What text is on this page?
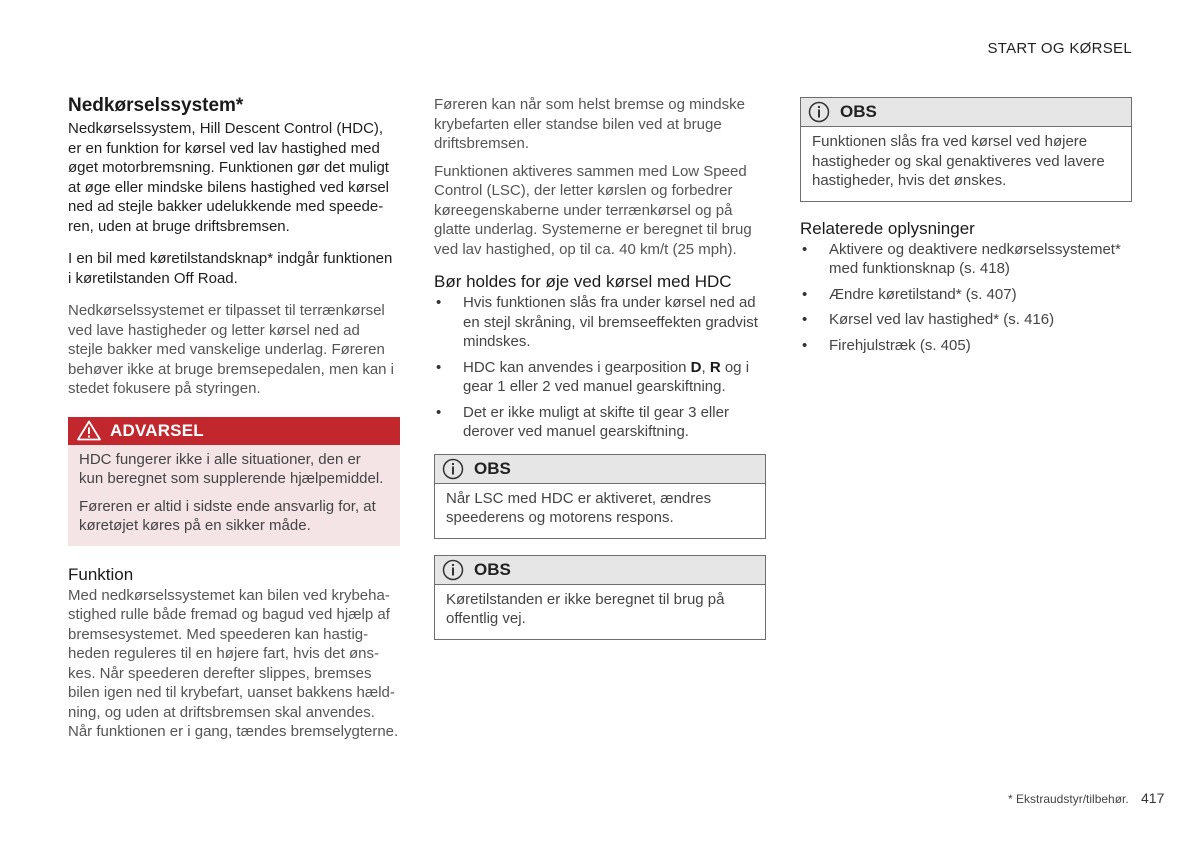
START OG KØRSEL
Nedkørselssystem*

Nedkørselssystem, Hill Descent Control (HDC),
er en funktion for kørsel ved lav hastighed med
øget motorbremsning. Funktionen gør det muligt
at øge eller mindske bilens hastighed ved kørsel
ned ad stejle bakker udelukkende med speede-
ren, uden at bruge driftsbremsen.

I en bil med køretilstandsknap* indgår funktionen
i køretilstanden Off Road.

Nedkørselssystemet er tilpasset til terrænkørsel
ved lave hastigheder og letter kørsel ned ad
stejle bakker med vanskelige underlag. Føreren
behøver ikke at bruge bremsepedalen, men kan i
stedet fokusere på styringen.

ADVARSEL

HDC fungerer ikke i alle situationer, den er
kun beregnet som supplerende hjælpemiddel.

Føreren er altid i sidste ende ansvarlig for, at
køretøjet køres på en sikker måde.

Funktion

Med nedkørselssystemet kan bilen ved krybeha-
stighed rulle både fremad og bagud ved hjælp af
bremsesystemet. Med speederen kan hastig-
heden reguleres til en højere fart, hvis det øns-
kes. Når speederen derefter slippes, bremses
bilen igen ned til krybefart, uanset bakkens hæld-
ning, og uden at driftsbremsen skal anvendes.
Når funktionen er i gang, tændes bremselygterne.

Føreren kan når som helst bremse og mindske
krybefarten eller standse bilen ved at bruge
driftsbremsen.

Funktionen aktiveres sammen med Low Speed
Control (LSC), der letter kørslen og forbedrer
køreegenskaberne under terrænkørsel og på
glatte underlag. Systemerne er beregnet til brug
ved lav hastighed, op til ca. 40 km/t (25 mph).

Bør holdes for øje ved kørsel med HDC
• Hvis funktionen slås fra under kørsel ned ad
en stejl skråning, vil bremseeffekten gradvist
mindskes.
• HDC kan anvendes i gearposition D, R og i
gear 1 eller 2 ved manuel gearskiftning.
• Det er ikke muligt at skifte til gear 3 eller
derover ved manuel gearskiftning.
OBS

Når LSC med HDC er aktiveret, ændres
speederens og motorens respons.

OBS

Køretilstanden er ikke beregnet til brug på
offentlig vej.

OBS

Funktionen slås fra ved kørsel ved højere
hastigheder og skal genaktiveres ved lavere
hastigheder, hvis det ønskes.

Relaterede oplysninger
• Aktivere og deaktivere nedkørselssystemet*
med funktionsknap (s. 418)
• Ændre køretilstand* (s. 407)
• Kørsel ved lav hastighed* (s. 416)
• Firehjulstræk (s. 405)
* Ekstraudstyr/tilbehør. 417
